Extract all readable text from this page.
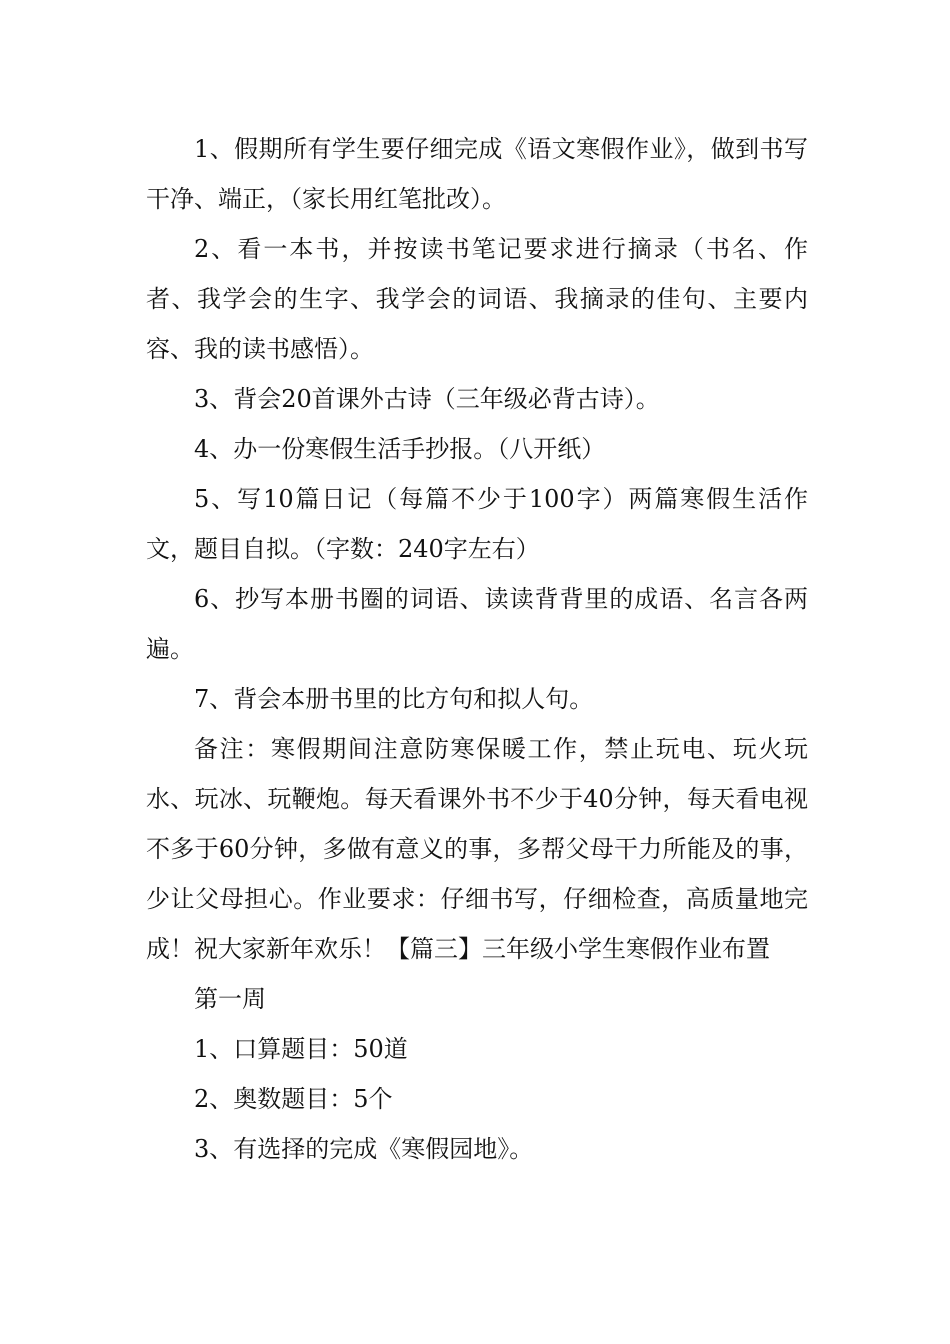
1、假期所有学生要仔细完成《语文寒假作业》，做到书写干净、端正，（家长用红笔批改）。

2、看一本书，并按读书笔记要求进行摘录（书名、作者、我学会的生字、我学会的词语、我摘录的佳句、主要内容、我的读书感悟）。

3、背会20首课外古诗（三年级必背古诗）。

4、办一份寒假生活手抄报。（八开纸）

5、写10篇日记（每篇不少于100字）两篇寒假生活作文，题目自拟。（字数：240字左右）

6、抄写本册书圈的词语、读读背背里的成语、名言各两遍。

7、背会本册书里的比方句和拟人句。

备注：寒假期间注意防寒保暖工作，禁止玩电、玩火玩水、玩冰、玩鞭炮。每天看课外书不少于40分钟，每天看电视不多于60分钟，多做有意义的事，多帮父母干力所能及的事，少让父母担心。作业要求：仔细书写，仔细检查，高质量地完成！祝大家新年欢乐！【篇三】三年级小学生寒假作业布置

第一周

1、口算题目：50道

2、奥数题目：5个

3、有选择的完成《寒假园地》。
